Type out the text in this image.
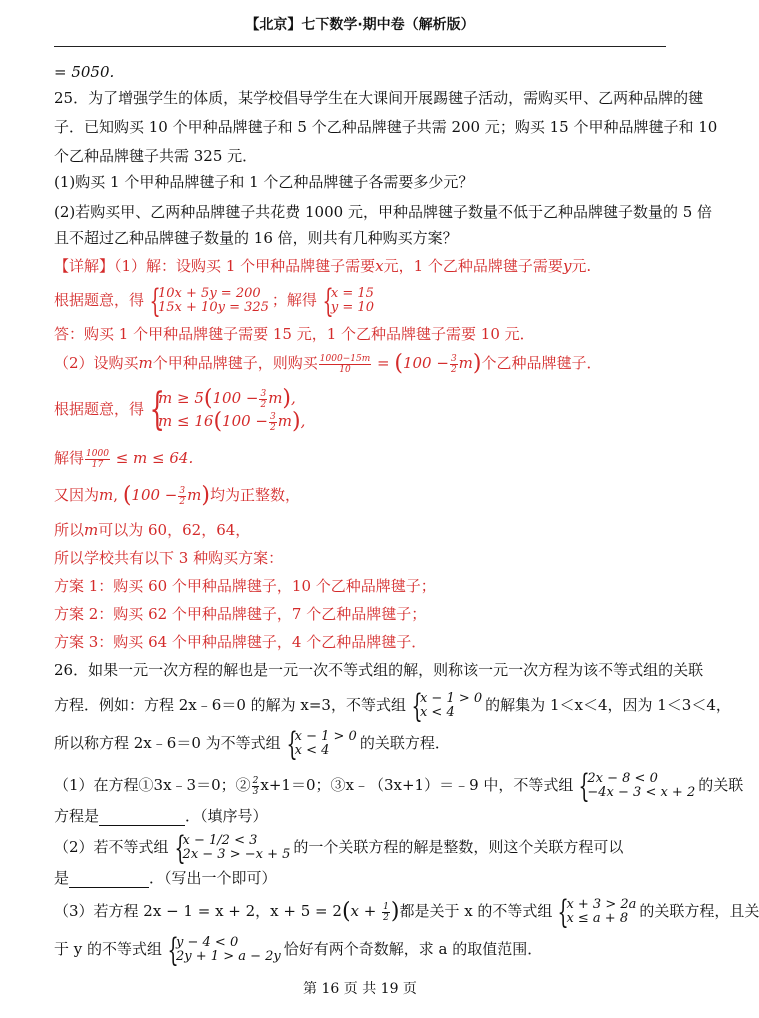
【北京】七下数学·期中卷（解析版）
= 5050.
25．为了增强学生的体质，某学校倡导学生在大课间开展踢毽子活动，需购买甲、乙两种品牌的毽
子．已知购买 10 个甲种品牌毽子和 5 个乙种品牌毽子共需 200 元；购买 15 个甲种品牌毽子和 10
个乙种品牌毽子共需 325 元．
(1)购买 1 个甲种品牌毽子和 1 个乙种品牌毽子各需要多少元？
(2)若购买甲、乙两种品牌毽子共花费 1000 元，甲种品牌毽子数量不低于乙种品牌毽子数量的 5 倍
且不超过乙种品牌毽子数量的 16 倍，则共有几种购买方案？
【详解】（1）解：设购买 1 个甲种品牌毽子需要x元，1 个乙种品牌毽子需要y元.
根据题意，得 {
10x + 5y = 200
15x + 10y = 325 ；解得 {
x = 15
y = 10
答：购买 1 个甲种品牌毽子需要 15 元，1 个乙种品牌毽子需要 10 元．
（2）设购买m个甲种品牌毽子，则购买 $\frac{1000-15m}{10} = (100 - \frac{3}{2} m)$个乙种品牌毽子．
根据题意，得 {
$m \ge 5(100 - \frac{3}{2} m)$,
$m \le 16(100 - \frac{3}{2} m)$,
解得 $\frac{1000}{17} \le m \le 64$.
又因为m, $(100 - \frac{3}{2} m)$均为正整数，
所以m可以为 60，62，64，
所以学校共有以下 3 种购买方案：
方案 1：购买 60 个甲种品牌毽子，10 个乙种品牌毽子；
方案 2：购买 62 个甲种品牌毽子，7 个乙种品牌毽子；
方案 3：购买 64 个甲种品牌毽子，4 个乙种品牌毽子．
26．如果一元一次方程的解也是一元一次不等式组的解，则称该一元一次方程为该不等式组的关联
方程．例如：方程 2x﹣6＝0 的解为 x=3，不等式组 {
x − 1 > 0
x < 4	的解集为 1＜x＜4，因为 1＜3＜4，
所以称方程 2x﹣6＝0 为不等式组 {
x − 1 > 0
x < 4	的关联方程．
（1）在方程①3x﹣3＝0；② $\frac{2}{3} x+1=0$；③x﹣（3x+1）＝﹣9 中，不等式组 {
2x − 8 < 0
−4x − 3 < x + 2 的关联
方程是	．（填序号）
（2）若不等式组 {
x − 1/2 < 3
2x − 3 > −x + 5 的一个关联方程的解是整数，则这个关联方程可以
是	．（写出一个即可）
（3）若方程 2x − 1 = x + 2，$x + 5 = 2(x + \frac{1}{2}$ )都是关于 x 的不等式组 {
x + 3 > 2a
x ≤ a + 8 的关联方程，且关
于 y 的不等式组 {
y − 4 < 0
2y + 1 > a − 2y 恰好有两个奇数解，求 a 的取值范围．
第 16 页 共 19 页
